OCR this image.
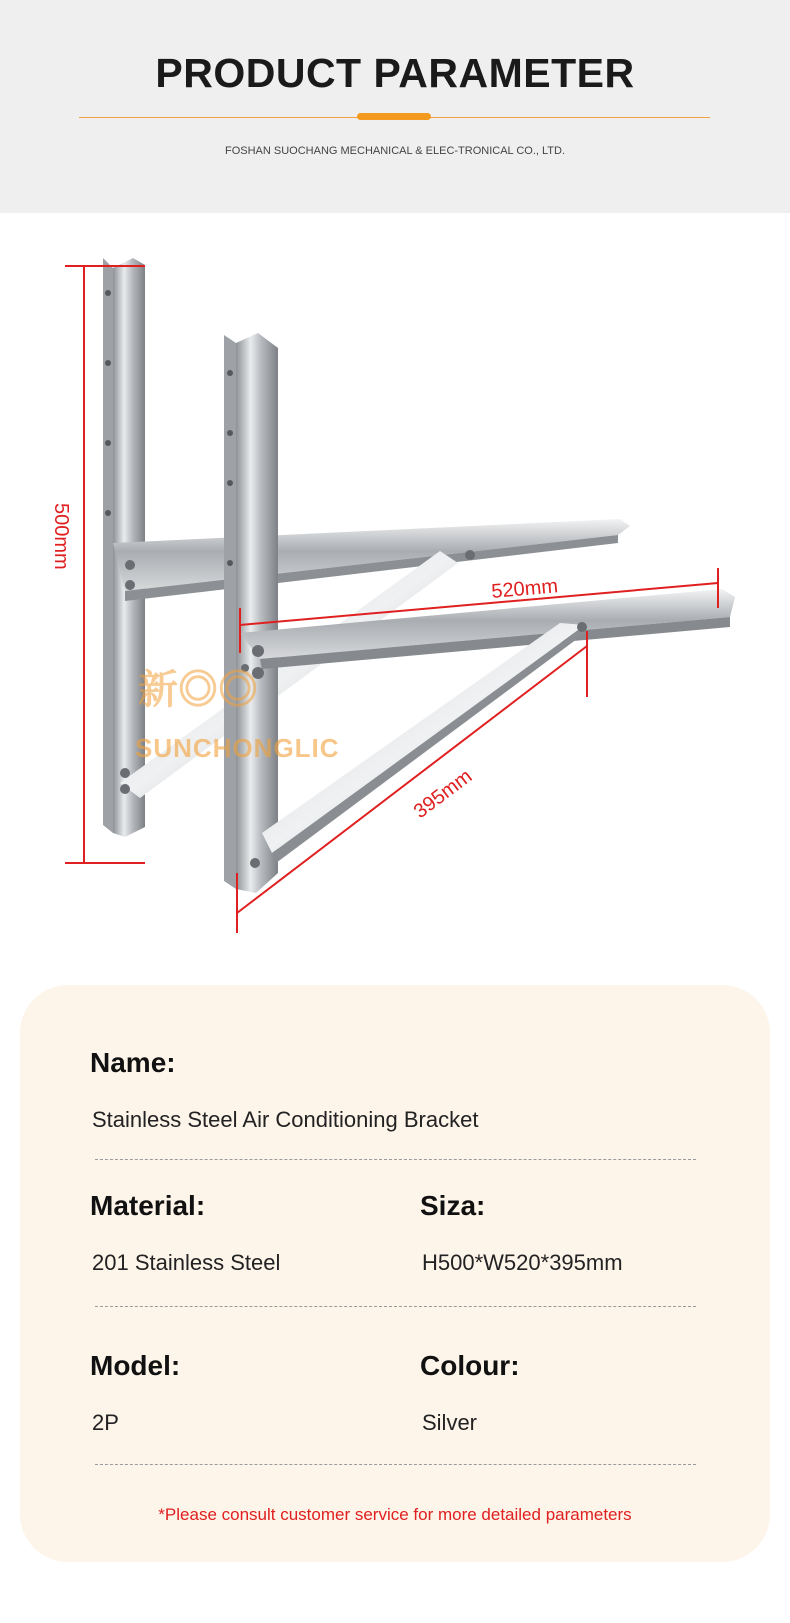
PRODUCT PARAMETER
FOSHAN SUOCHANG MECHANICAL & ELEC-TRONICAL CO., LTD.
新◎◎
SUNCHONGLIC
500mm
520mm
395mm
Name:
Stainless Steel Air Conditioning Bracket
Material:
201 Stainless Steel
Siza:
H500*W520*395mm
Model:
2P
Colour:
Silver
*Please consult customer service for more detailed parameters
